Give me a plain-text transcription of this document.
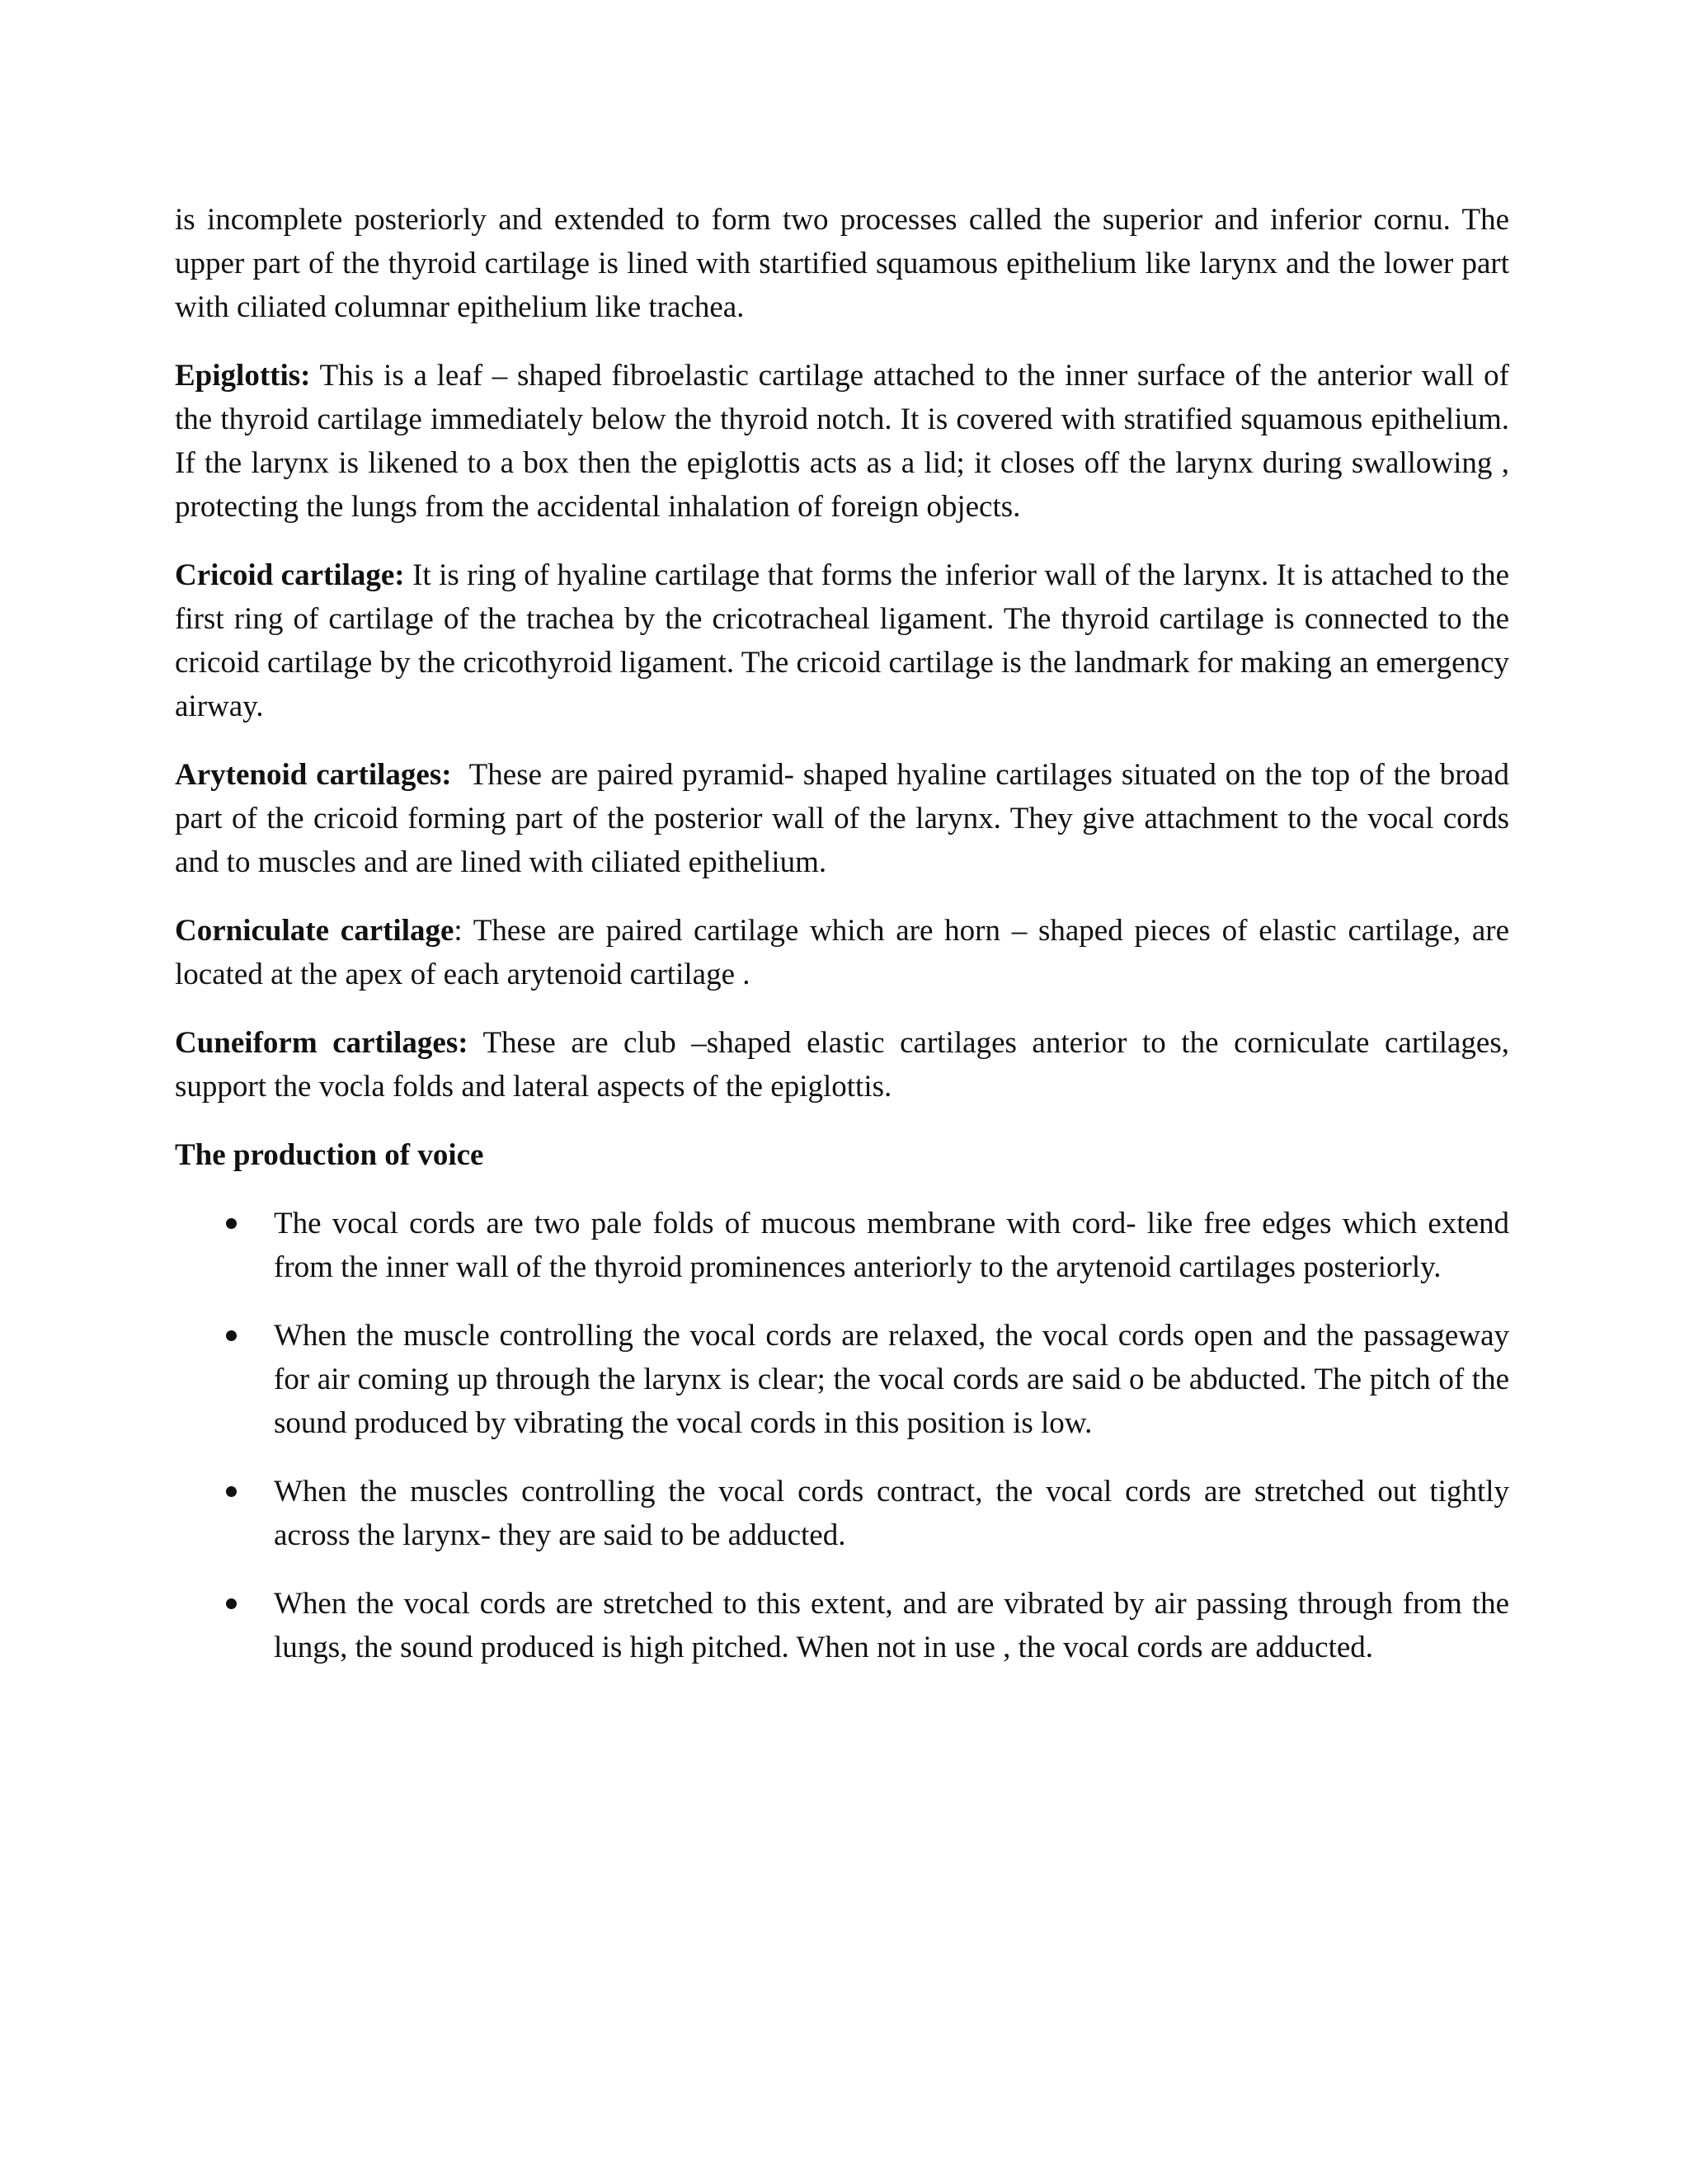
is incomplete posteriorly and extended to form two processes called the superior and inferior cornu. The upper part of the thyroid cartilage is lined with startified squamous epithelium like larynx and the lower part with ciliated columnar epithelium like trachea.

Epiglottis: This is a leaf – shaped fibroelastic cartilage attached to the inner surface of the anterior wall of the thyroid cartilage immediately below the thyroid notch. It is covered with stratified squamous epithelium. If the larynx is likened to a box then the epiglottis acts as a lid; it closes off the larynx during swallowing , protecting the lungs from the accidental inhalation of foreign objects.

Cricoid cartilage: It is ring of hyaline cartilage that forms the inferior wall of the larynx. It is attached to the first ring of cartilage of the trachea by the cricotracheal ligament. The thyroid cartilage is connected to the cricoid cartilage by the cricothyroid ligament. The cricoid cartilage is the landmark for making an emergency airway.

Arytenoid cartilages:  These are paired pyramid- shaped hyaline cartilages situated on the top of the broad part of the cricoid forming part of the posterior wall of the larynx. They give attachment to the vocal cords and to muscles and are lined with ciliated epithelium.

Corniculate cartilage: These are paired cartilage which are horn – shaped pieces of elastic cartilage, are located at the apex of each arytenoid cartilage .

Cuneiform cartilages: These are club –shaped elastic cartilages anterior to the corniculate cartilages, support the vocla folds and lateral aspects of the epiglottis.

The production of voice

The vocal cords are two pale folds of mucous membrane with cord- like free edges which extend from the inner wall of the thyroid prominences anteriorly to the arytenoid cartilages posteriorly.
When the muscle controlling the vocal cords are relaxed, the vocal cords open and the passageway for air coming up through the larynx is clear; the vocal cords are said o be abducted. The pitch of the sound produced by vibrating the vocal cords in this position is low.
When the muscles controlling the vocal cords contract, the vocal cords are stretched out tightly across the larynx- they are said to be adducted.
When the vocal cords are stretched to this extent, and are vibrated by air passing through from the lungs, the sound produced is high pitched. When not in use , the vocal cords are adducted.
